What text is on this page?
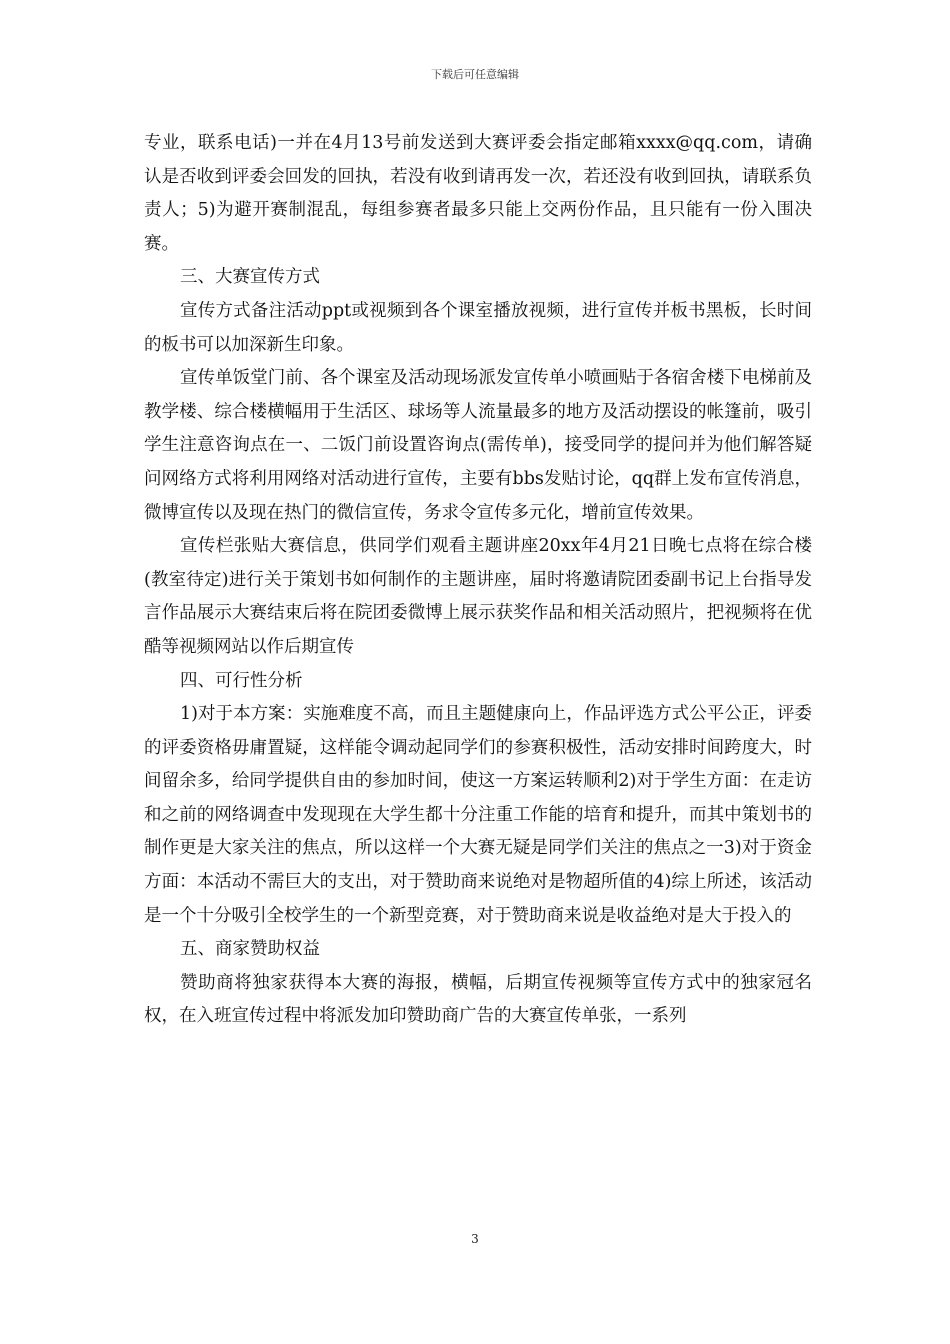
下载后可任意编辑

专业，联系电话)一并在4月13号前发送到大赛评委会指定邮箱xxxx@qq.com，请确认是否收到评委会回发的回执，若没有收到请再发一次，若还没有收到回执，请联系负责人；5)为避开赛制混乱，每组参赛者最多只能上交两份作品，且只能有一份入围决赛。

三、大赛宣传方式

宣传方式备注活动ppt或视频到各个课室播放视频，进行宣传并板书黑板，长时间的板书可以加深新生印象。

宣传单饭堂门前、各个课室及活动现场派发宣传单小喷画贴于各宿舍楼下电梯前及教学楼、综合楼横幅用于生活区、球场等人流量最多的地方及活动摆设的帐篷前，吸引学生注意咨询点在一、二饭门前设置咨询点(需传单)，接受同学的提问并为他们解答疑问网络方式将利用网络对活动进行宣传，主要有bbs发贴讨论，qq群上发布宣传消息，微博宣传以及现在热门的微信宣传，务求令宣传多元化，增前宣传效果。

宣传栏张贴大赛信息，供同学们观看主题讲座20xx年4月21日晚七点将在综合楼(教室待定)进行关于策划书如何制作的主题讲座，届时将邀请院团委副书记上台指导发言作品展示大赛结束后将在院团委微博上展示获奖作品和相关活动照片，把视频将在优酷等视频网站以作后期宣传

四、可行性分析

1)对于本方案：实施难度不高，而且主题健康向上，作品评选方式公平公正，评委的评委资格毋庸置疑，这样能令调动起同学们的参赛积极性，活动安排时间跨度大，时间留余多，给同学提供自由的参加时间，使这一方案运转顺利2)对于学生方面：在走访和之前的网络调查中发现现在大学生都十分注重工作能的培育和提升，而其中策划书的制作更是大家关注的焦点，所以这样一个大赛无疑是同学们关注的焦点之一3)对于资金方面：本活动不需巨大的支出，对于赞助商来说绝对是物超所值的4)综上所述，该活动是一个十分吸引全校学生的一个新型竞赛，对于赞助商来说是收益绝对是大于投入的

五、商家赞助权益

赞助商将独家获得本大赛的海报，横幅，后期宣传视频等宣传方式中的独家冠名权，在入班宣传过程中将派发加印赞助商广告的大赛宣传单张，一系列

3
